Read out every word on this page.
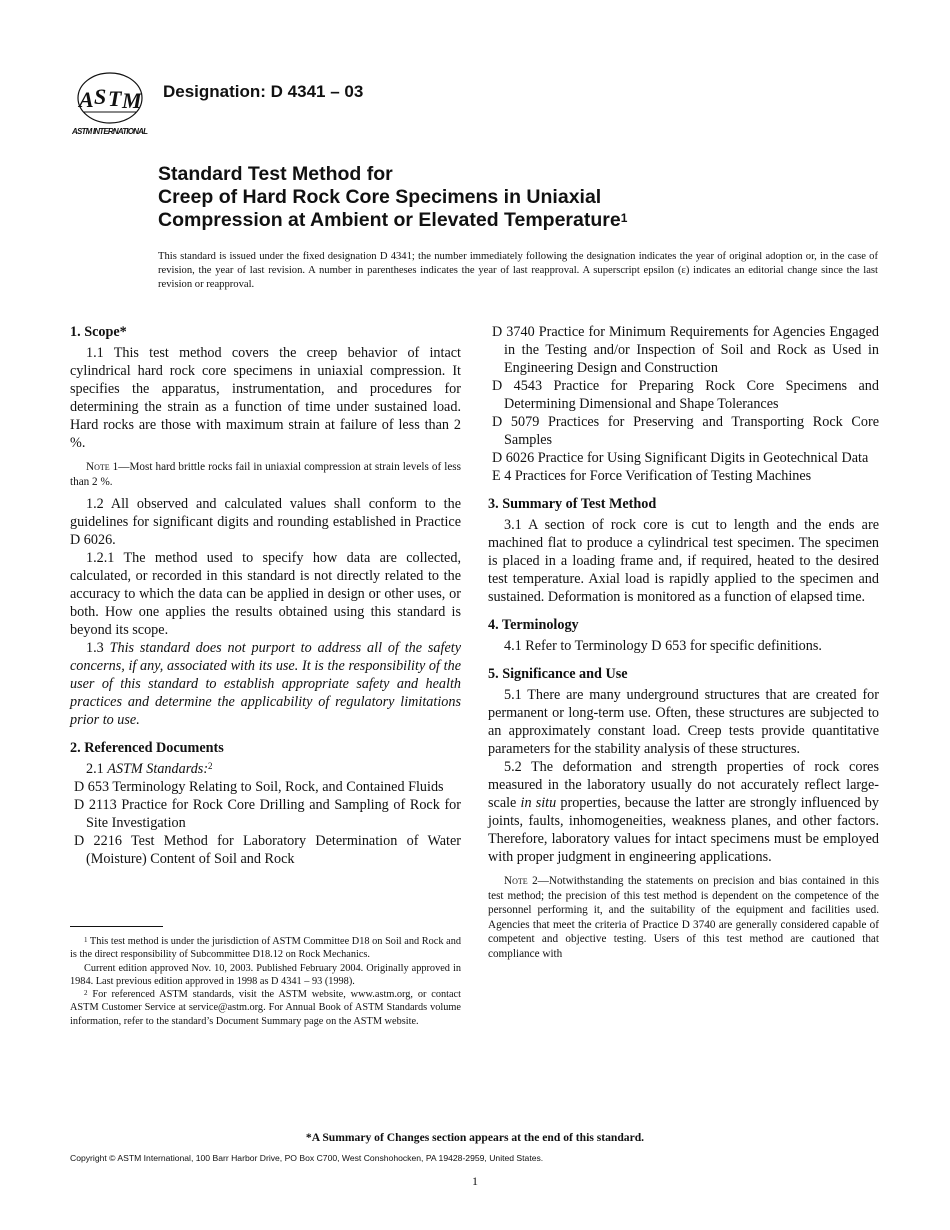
A S T M
ASTM INTERNATIONAL
Designation: D 4341 – 03
Standard Test Method for
Creep of Hard Rock Core Specimens in Uniaxial
Compression at Ambient or Elevated Temperature$^1$
This standard is issued under the fixed designation D 4341; the number immediately following the designation indicates the year of original adoption or, in the case of revision, the year of last revision. A number in parentheses indicates the year of last reapproval. A superscript epsilon (ε) indicates an editorial change since the last revision or reapproval.
1. Scope*
1.1 This test method covers the creep behavior of intact cylindrical hard rock core specimens in uniaxial compression. It specifies the apparatus, instrumentation, and procedures for determining the strain as a function of time under sustained load. Hard rocks are those with maximum strain at failure of less than 2 %.
Note 1—Most hard brittle rocks fail in uniaxial compression at strain levels of less than 2 %.
1.2 All observed and calculated values shall conform to the guidelines for significant digits and rounding established in Practice D 6026.
1.2.1 The method used to specify how data are collected, calculated, or recorded in this standard is not directly related to the accuracy to which the data can be applied in design or other uses, or both. How one applies the results obtained using this standard is beyond its scope.
1.3 This standard does not purport to address all of the safety concerns, if any, associated with its use. It is the responsibility of the user of this standard to establish appropriate safety and health practices and determine the applicability of regulatory limitations prior to use.
2. Referenced Documents
2.1 ASTM Standards:$^2$
D 653 Terminology Relating to Soil, Rock, and Contained Fluids
D 2113 Practice for Rock Core Drilling and Sampling of Rock for Site Investigation
D 2216 Test Method for Laboratory Determination of Water (Moisture) Content of Soil and Rock
D 3740 Practice for Minimum Requirements for Agencies Engaged in the Testing and/or Inspection of Soil and Rock as Used in Engineering Design and Construction
D 4543 Practice for Preparing Rock Core Specimens and Determining Dimensional and Shape Tolerances
D 5079 Practices for Preserving and Transporting Rock Core Samples
D 6026 Practice for Using Significant Digits in Geotechnical Data
E 4 Practices for Force Verification of Testing Machines
3. Summary of Test Method
3.1 A section of rock core is cut to length and the ends are machined flat to produce a cylindrical test specimen. The specimen is placed in a loading frame and, if required, heated to the desired test temperature. Axial load is rapidly applied to the specimen and sustained. Deformation is monitored as a function of elapsed time.
4. Terminology
4.1 Refer to Terminology D 653 for specific definitions.
5. Significance and Use
5.1 There are many underground structures that are created for permanent or long-term use. Often, these structures are subjected to an approximately constant load. Creep tests provide quantitative parameters for the stability analysis of these structures.
5.2 The deformation and strength properties of rock cores measured in the laboratory usually do not accurately reflect large-scale in situ properties, because the latter are strongly influenced by joints, faults, inhomogeneities, weakness planes, and other factors. Therefore, laboratory values for intact specimens must be employed with proper judgment in engineering applications.
Note 2—Notwithstanding the statements on precision and bias contained in this test method; the precision of this test method is dependent on the competence of the personnel performing it, and the suitability of the equipment and facilities used. Agencies that meet the criteria of Practice D 3740 are generally considered capable of competent and objective testing. Users of this test method are cautioned that compliance with
$^1$ This test method is under the jurisdiction of ASTM Committee D18 on Soil and Rock and is the direct responsibility of Subcommittee D18.12 on Rock Mechanics.
Current edition approved Nov. 10, 2003. Published February 2004. Originally approved in 1984. Last previous edition approved in 1998 as D 4341 – 93 (1998).
$^2$ For referenced ASTM standards, visit the ASTM website, www.astm.org, or contact ASTM Customer Service at service@astm.org. For Annual Book of ASTM Standards volume information, refer to the standard’s Document Summary page on the ASTM website.
*A Summary of Changes section appears at the end of this standard.
Copyright © ASTM International, 100 Barr Harbor Drive, PO Box C700, West Conshohocken, PA 19428-2959, United States.
1
